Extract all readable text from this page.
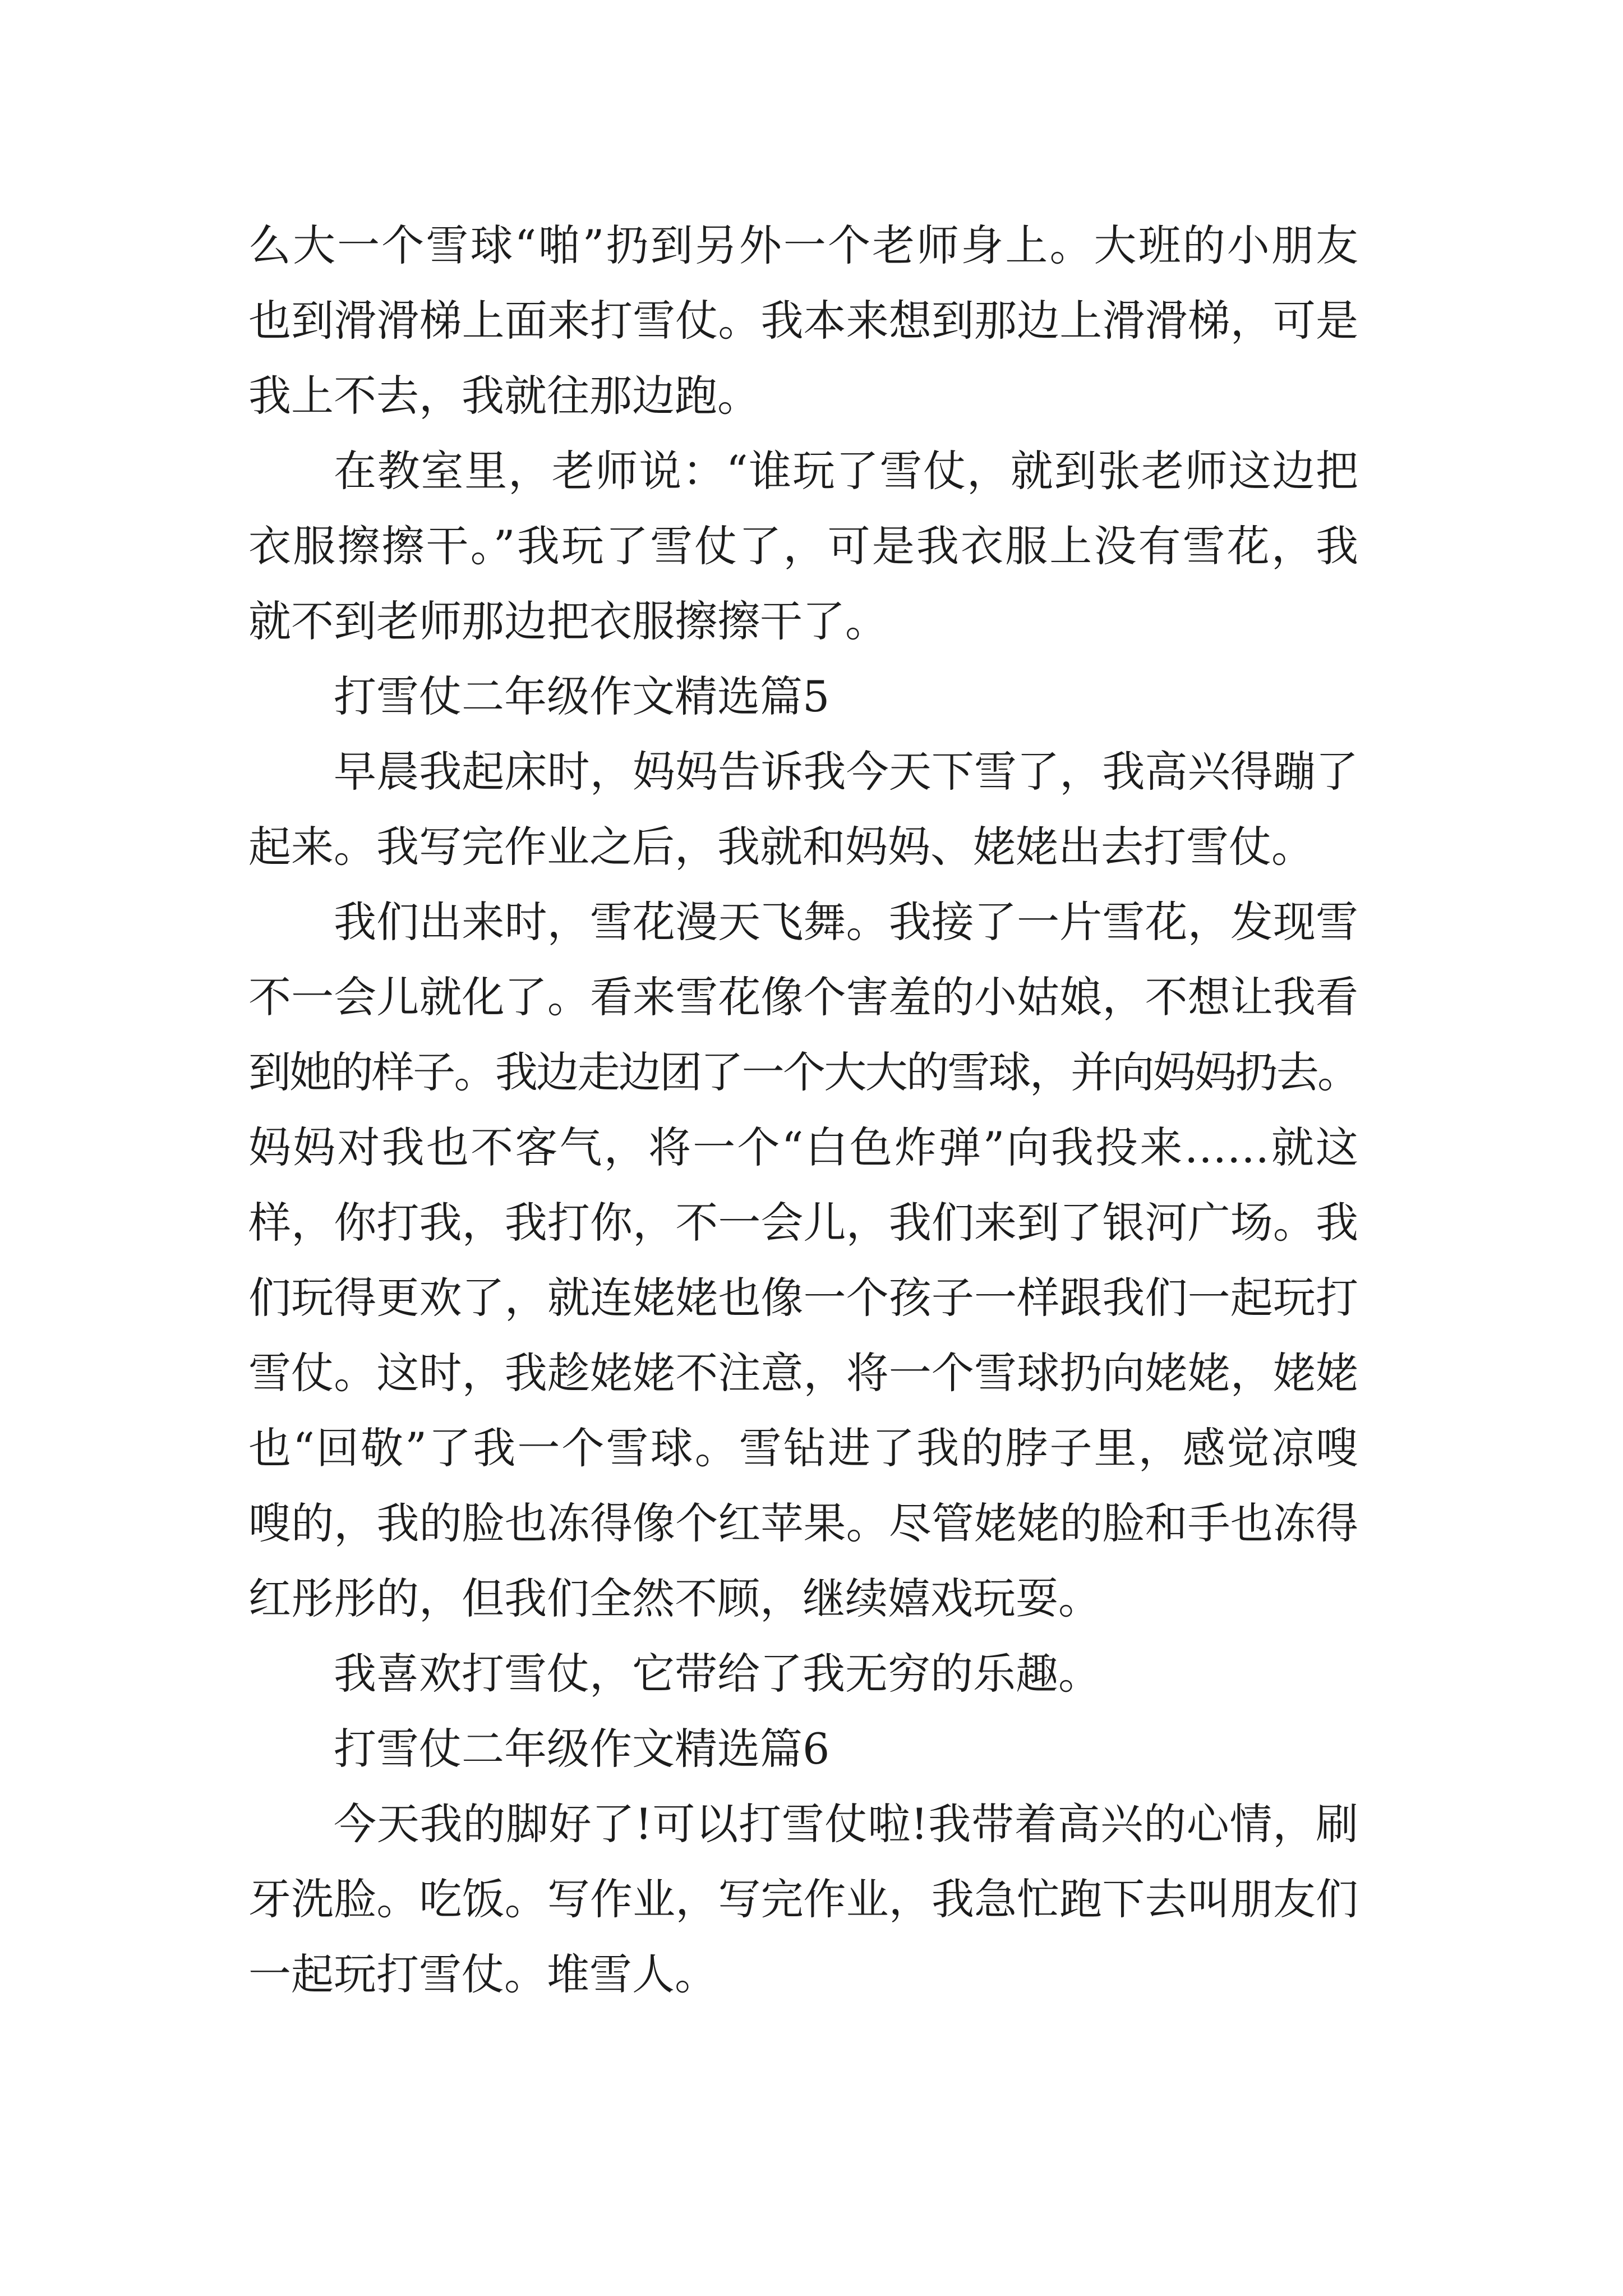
么大一个雪球“啪”扔到另外一个老师身上。大班的小朋友
也到滑滑梯上面来打雪仗。我本来想到那边上滑滑梯，可是
我上不去，我就往那边跑。
在教室里，老师说：“谁玩了雪仗，就到张老师这边把
衣服擦擦干。”我玩了雪仗了，可是我衣服上没有雪花，我
就不到老师那边把衣服擦擦干了。
打雪仗二年级作文精选篇5
早晨我起床时，妈妈告诉我今天下雪了，我高兴得蹦了
起来。我写完作业之后，我就和妈妈、姥姥出去打雪仗。
我们出来时，雪花漫天飞舞。我接了一片雪花，发现雪
不一会儿就化了。看来雪花像个害羞的小姑娘，不想让我看
到她的样子。我边走边团了一个大大的雪球，并向妈妈扔去。
妈妈对我也不客气，将一个“白色炸弹”向我投来……就这
样，你打我，我打你，不一会儿，我们来到了银河广场。我
们玩得更欢了，就连姥姥也像一个孩子一样跟我们一起玩打
雪仗。这时，我趁姥姥不注意，将一个雪球扔向姥姥，姥姥
也“回敬”了我一个雪球。雪钻进了我的脖子里，感觉凉嗖
嗖的，我的脸也冻得像个红苹果。尽管姥姥的脸和手也冻得
红彤彤的，但我们全然不顾，继续嬉戏玩耍。
我喜欢打雪仗，它带给了我无穷的乐趣。
打雪仗二年级作文精选篇6
今天我的脚好了!可以打雪仗啦!我带着高兴的心情，刷
牙洗脸。吃饭。写作业，写完作业，我急忙跑下去叫朋友们
一起玩打雪仗。堆雪人。
